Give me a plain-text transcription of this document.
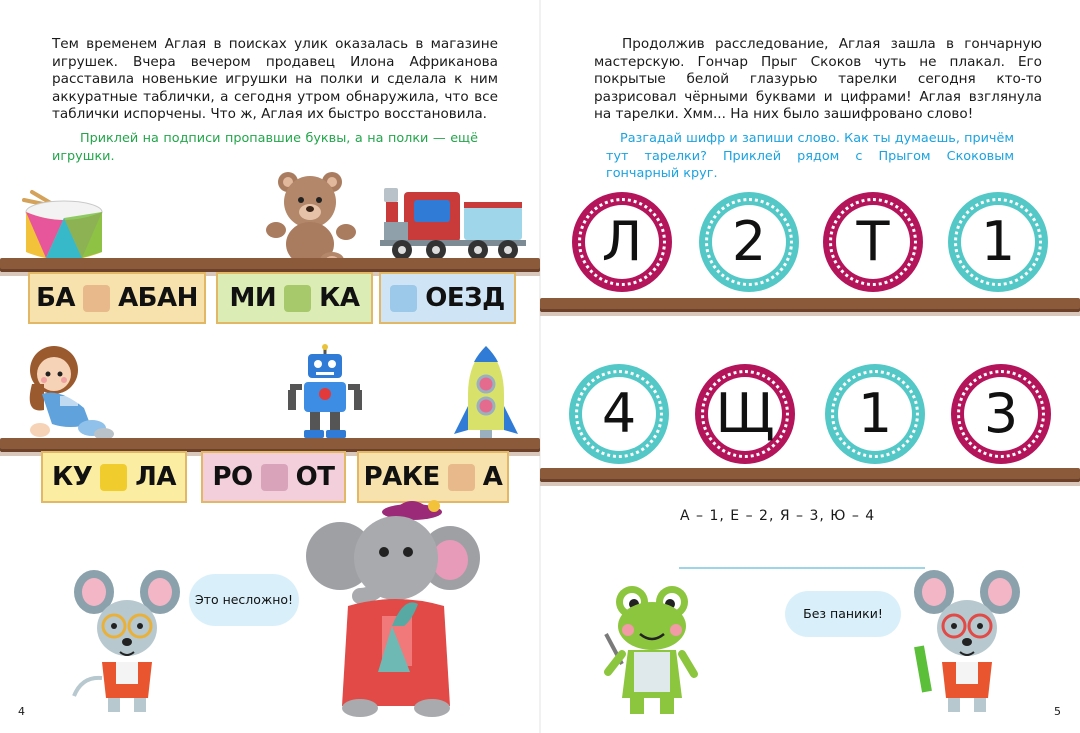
Тем временем Аглая в поисках улик оказалась в магазине игрушек. Вчера вечером продавец Илона Африканова расставила новенькие игрушки на полки и сделала к ним аккуратные таблички, а сегодня утром обнаружила, что все таблички испорчены. Что ж, Аглая их быстро восстановила.

Приклей на подписи пропавшие буквы, а на полки — ещё игрушки.

БА АБАН МИ КА	ОЕЗД
КУ ЛА РО ОТ РАКЕ А
Это несложно!
4

Продолжив расследование, Аглая зашла в гончарную мастерскую. Гончар Прыг Скоков чуть не плакал. Его покрытые белой глазурью тарелки сегодня кто-то разрисовал чёрными буквами и цифрами! Аглая взглянула на тарелки. Хмм... На них было зашифровано слово!

Разгадай шифр и запиши слово. Как ты думаешь, причём тут тарелки? Приклей рядом с Прыгом Скоковым гончарный круг.

Л	2	Т	1
4	Щ	1	3
А – 1, Е – 2, Я – 3, Ю – 4
Без паники!
5
